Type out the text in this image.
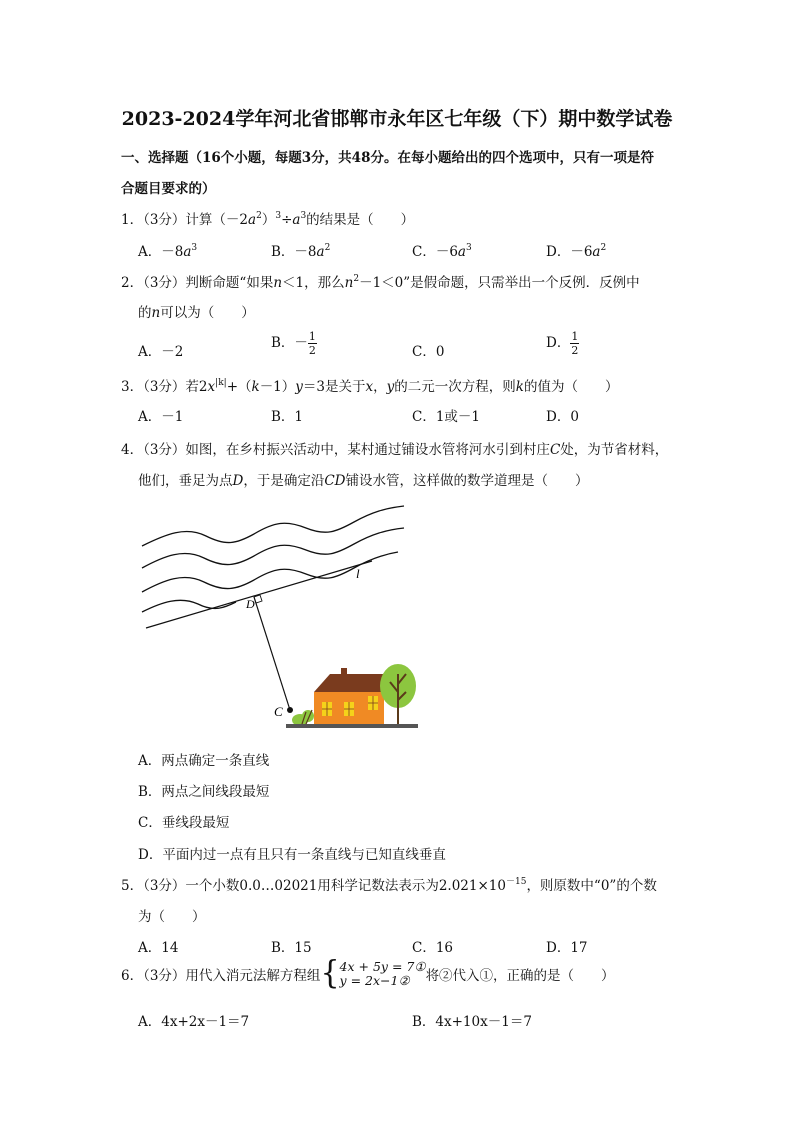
2023-2024学年河北省邯郸市永年区七年级（下）期中数学试卷
一、选择题（16个小题，每题3分，共48分。在每小题给出的四个选项中，只有一项是符
合题目要求的）
1．（3分）计算$(-2a^2)^3\div a^3$的结果是（　　）
A．$-8a^3$	B．$-8a^2$	C．$-6a^3$	D．$-6a^2$
2．（3分）判断命题“如果n＜1，那么$n^2-1<0$”是假命题，只需举出一个反例．反例中
的n可以为（　　）
A．－2
B．－ $\frac{1}{2}$	C．0
D． $\frac{1}{2}$
3．（3分）若$2x^{|k|}+(k-1)y=3$是关于x，y的二元一次方程，则k的值为（　　）
A．－1	B．1	C．1或－1	D．0
4．（3分）如图，在乡村振兴活动中，某村通过铺设水管将河水引到村庄C处，为节省材料，
他们，垂足为点D，于是确定沿CD铺设水管，这样做的数学道理是（　　）
l
D
C
A．两点确定一条直线
B．两点之间线段最短
C．垂线段最短
D．平面内过一点有且只有一条直线与已知直线垂直
5．（3分）一个小数0.0…02021用科学记数法表示为$2.021\times 10^{-15}$，则原数中“0”的个数
为（　　）
A．14	B．15	C．16	D．17
6．（3分）用代入消元法解方程组{ 4x + 5y = 7①
y = 2x−1②	将②代入①，正确的是（　　）
A．4x+2x－1＝7	B．4x+10x－1＝7
